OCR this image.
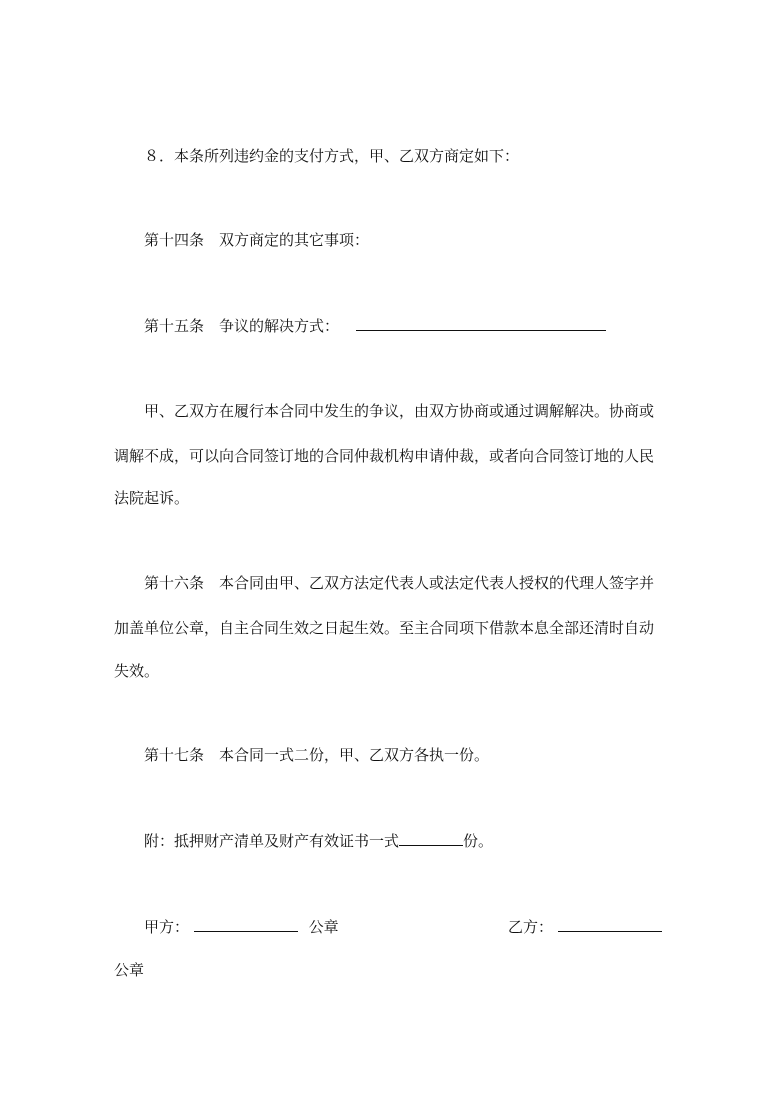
８．本条所列违约金的支付方式，甲、乙双方商定如下：
第十四条　双方商定的其它事项：
第十五条　争议的解决方式：
甲、乙双方在履行本合同中发生的争议，由双方协商或通过调解解决。协商或
调解不成，可以向合同签订地的合同仲裁机构申请仲裁，或者向合同签订地的人民
法院起诉。
第十六条　本合同由甲、乙双方法定代表人或法定代表人授权的代理人签字并
加盖单位公章，自主合同生效之日起生效。至主合同项下借款本息全部还清时自动
失效。
第十七条　本合同一式二份，甲、乙双方各执一份。
附：抵押财产清单及财产有效证书一式	份。
甲方：	公章	乙方：
公章
